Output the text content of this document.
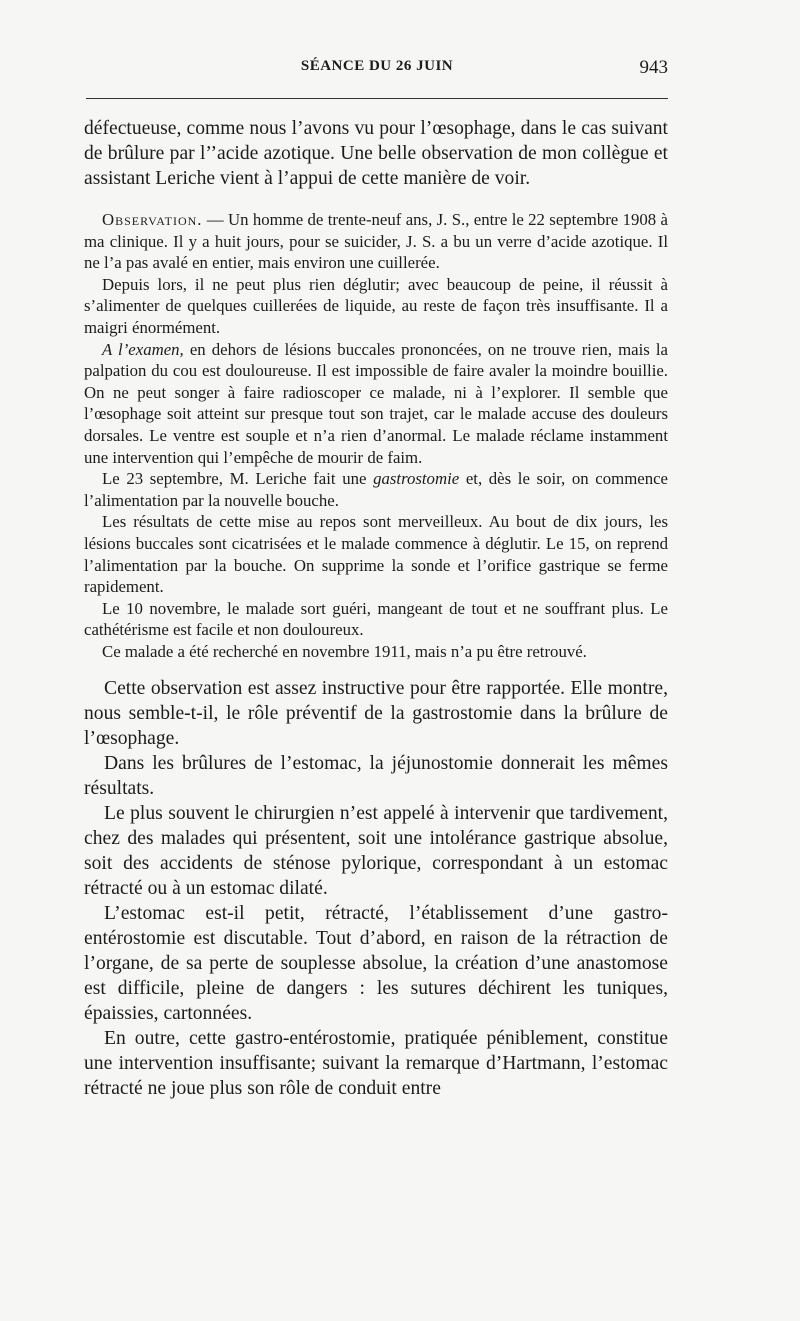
SÉANCE DU 26 JUIN	943

défectueuse, comme nous l’avons vu pour l’œsophage, dans le cas suivant de brûlure par l’’acide azotique. Une belle observation de mon collègue et assistant Leriche vient à l’appui de cette manière de voir.

Observation. — Un homme de trente-neuf ans, J. S., entre le 22 septembre 1908 à ma clinique. Il y a huit jours, pour se suicider, J. S. a bu un verre d’acide azotique. Il ne l’a pas avalé en entier, mais environ une cuillerée.

Depuis lors, il ne peut plus rien déglutir; avec beaucoup de peine, il réussit à s’alimenter de quelques cuillerées de liquide, au reste de façon très insuffisante. Il a maigri énormément.

A l’examen, en dehors de lésions buccales prononcées, on ne trouve rien, mais la palpation du cou est douloureuse. Il est impossible de faire avaler la moindre bouillie. On ne peut songer à faire radioscoper ce malade, ni à l’explorer. Il semble que l’œsophage soit atteint sur presque tout son trajet, car le malade accuse des douleurs dorsales. Le ventre est souple et n’a rien d’anormal. Le malade réclame instamment une intervention qui l’empêche de mourir de faim.

Le 23 septembre, M. Leriche fait une gastrostomie et, dès le soir, on commence l’alimentation par la nouvelle bouche.

Les résultats de cette mise au repos sont merveilleux. Au bout de dix jours, les lésions buccales sont cicatrisées et le malade commence à déglutir. Le 15, on reprend l’alimentation par la bouche. On supprime la sonde et l’orifice gastrique se ferme rapidement.

Le 10 novembre, le malade sort guéri, mangeant de tout et ne souffrant plus. Le cathétérisme est facile et non douloureux.

Ce malade a été recherché en novembre 1911, mais n’a pu être retrouvé.

Cette observation est assez instructive pour être rapportée. Elle montre, nous semble-t-il, le rôle préventif de la gastrostomie dans la brûlure de l’œsophage.

Dans les brûlures de l’estomac, la jéjunostomie donnerait les mêmes résultats.

Le plus souvent le chirurgien n’est appelé à intervenir que tardivement, chez des malades qui présentent, soit une intolérance gastrique absolue, soit des accidents de sténose pylorique, correspondant à un estomac rétracté ou à un estomac dilaté.

L’estomac est-il petit, rétracté, l’établissement d’une gastro-entérostomie est discutable. Tout d’abord, en raison de la rétraction de l’organe, de sa perte de souplesse absolue, la création d’une anastomose est difficile, pleine de dangers : les sutures déchirent les tuniques, épaissies, cartonnées.

En outre, cette gastro-entérostomie, pratiquée péniblement, constitue une intervention insuffisante; suivant la remarque d’Hartmann, l’estomac rétracté ne joue plus son rôle de conduit entre
